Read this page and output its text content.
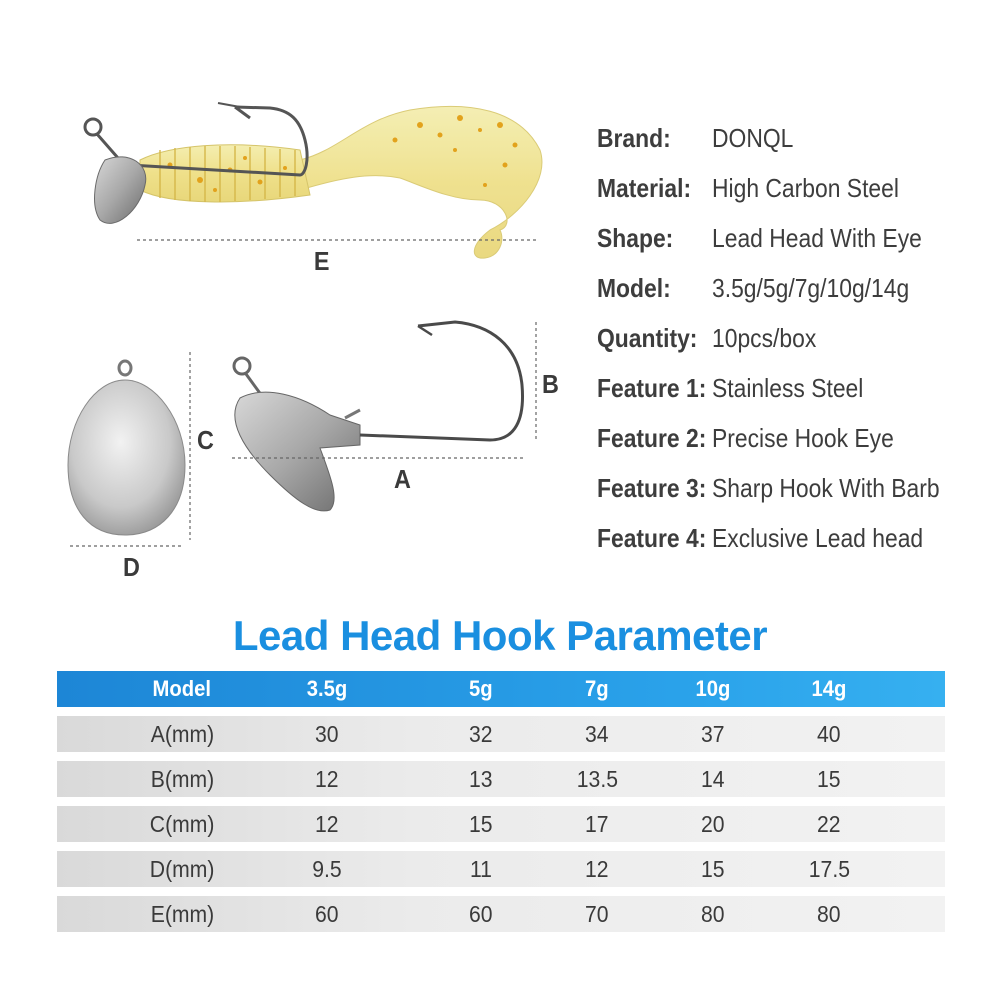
E
B
C
A
D
Brand:	DONQL
Material: High Carbon Steel
Shape:	Lead Head With Eye
Model:	3.5g/5g/7g/10g/14g
Quantity: 10pcs/box
Feature 1: Stainless Steel
Feature 2: Precise Hook Eye
Feature 3: Sharp Hook With Barb
Feature 4: Exclusive Lead head
Lead Head Hook Parameter
Model	3.5g	5g	7g	10g	14g
A(mm)	30	32	34	37	40
B(mm)	12	13	13.5	14	15
C(mm)	12	15	17	20	22
D(mm)	9.5	11	12	15	17.5
E(mm)	60	60	70	80	80
